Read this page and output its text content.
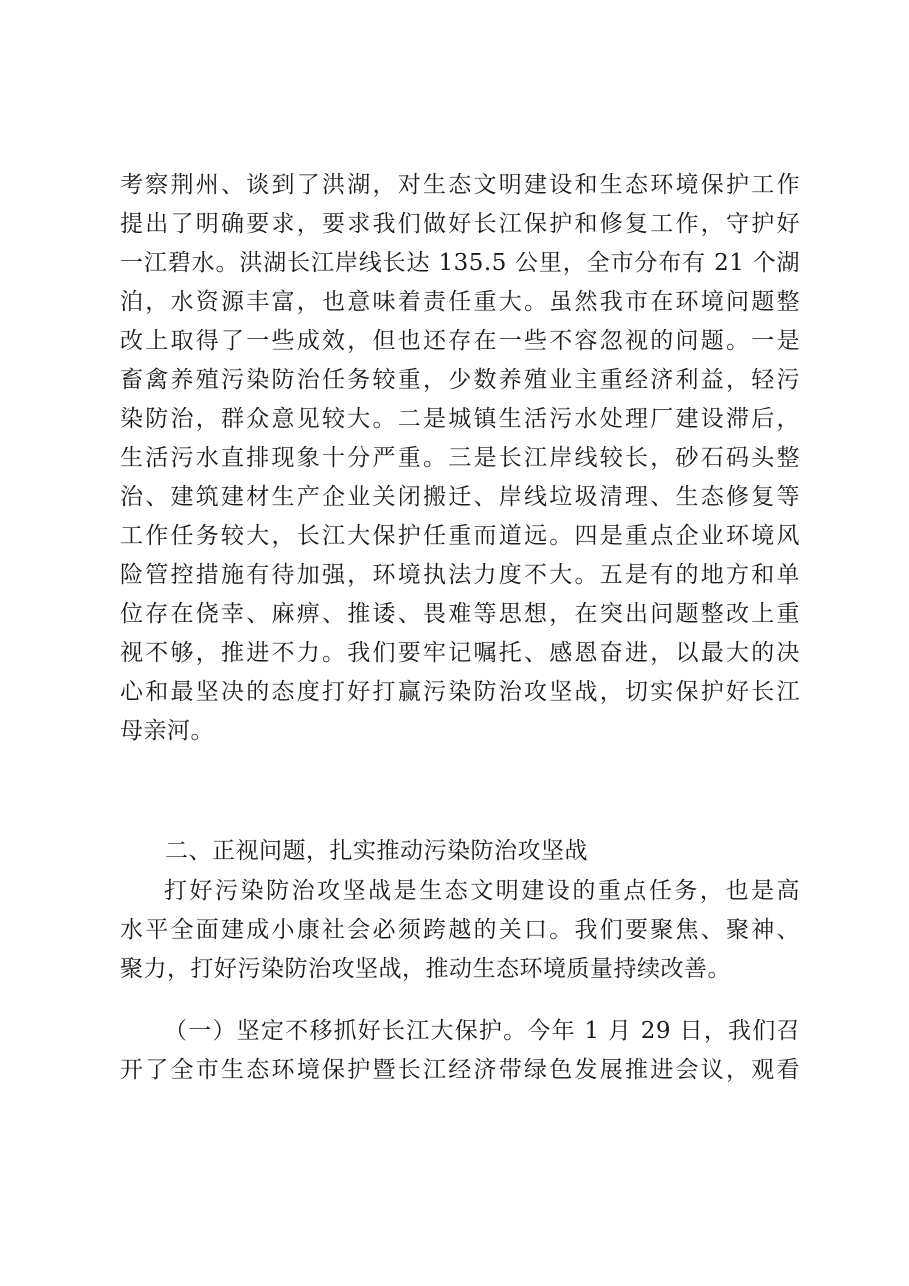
考察荆州、谈到了洪湖，对生态文明建设和生态环境保护工作
提出了明确要求，要求我们做好长江保护和修复工作，守护好
一江碧水。洪湖长江岸线长达 135.5 公里，全市分布有 21 个湖
泊，水资源丰富，也意味着责任重大。虽然我市在环境问题整
改上取得了一些成效，但也还存在一些不容忽视的问题。一是
畜禽养殖污染防治任务较重，少数养殖业主重经济利益，轻污
染防治，群众意见较大。二是城镇生活污水处理厂建设滞后，
生活污水直排现象十分严重。三是长江岸线较长，砂石码头整
治、建筑建材生产企业关闭搬迁、岸线垃圾清理、生态修复等
工作任务较大，长江大保护任重而道远。四是重点企业环境风
险管控措施有待加强，环境执法力度不大。五是有的地方和单
位存在侥幸、麻痹、推诿、畏难等思想，在突出问题整改上重
视不够，推进不力。我们要牢记嘱托、感恩奋进，以最大的决
心和最坚决的态度打好打赢污染防治攻坚战，切实保护好长江
母亲河。
二、正视问题，扎实推动污染防治攻坚战
打好污染防治攻坚战是生态文明建设的重点任务，也是高
水平全面建成小康社会必须跨越的关口。我们要聚焦、聚神、
聚力，打好污染防治攻坚战，推动生态环境质量持续改善。
（一）坚定不移抓好长江大保护。今年 1 月 29 日，我们召
开了全市生态环境保护暨长江经济带绿色发展推进会议，观看
